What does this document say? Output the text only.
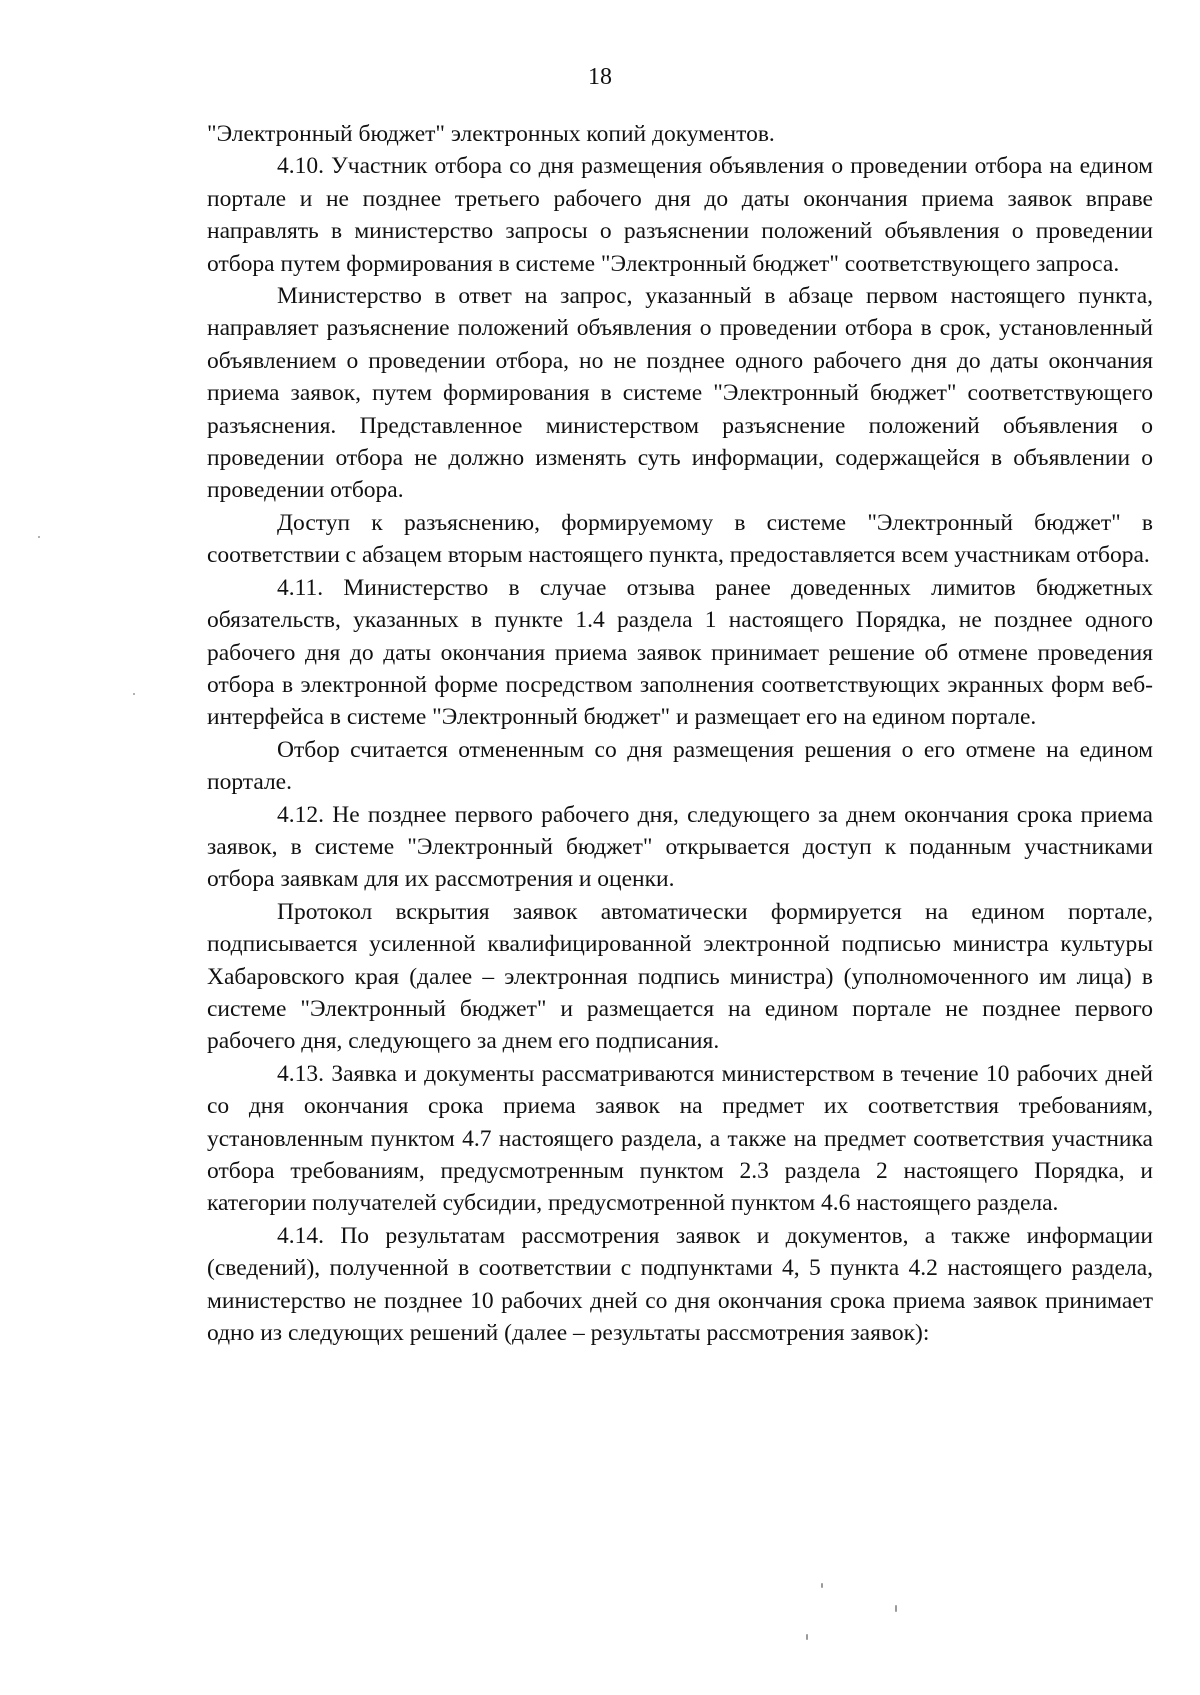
18

"Электронный бюджет" электронных копий документов.

4.10. Участник отбора со дня размещения объявления о проведении отбора на едином портале и не позднее третьего рабочего дня до даты окончания приема заявок вправе направлять в министерство запросы о разъяснении положений объявления о проведении отбора путем формирования в системе "Электронный бюджет" соответствующего запроса.

Министерство в ответ на запрос, указанный в абзаце первом настоящего пункта, направляет разъяснение положений объявления о проведении отбора в срок, установленный объявлением о проведении отбора, но не позднее одного рабочего дня до даты окончания приема заявок, путем формирования в системе "Электронный бюджет" соответствующего разъяснения. Представленное министерством разъяснение положений объявления о проведении отбора не должно изменять суть информации, содержащейся в объявлении о проведении отбора.

Доступ к разъяснению, формируемому в системе "Электронный бюджет" в соответствии с абзацем вторым настоящего пункта, предоставляется всем участникам отбора.

4.11. Министерство в случае отзыва ранее доведенных лимитов бюджетных обязательств, указанных в пункте 1.4 раздела 1 настоящего Порядка, не позднее одного рабочего дня до даты окончания приема заявок принимает решение об отмене проведения отбора в электронной форме посредством заполнения соответствующих экранных форм веб-интерфейса в системе "Электронный бюджет" и размещает его на едином портале.

Отбор считается отмененным со дня размещения решения о его отмене на едином портале.

4.12. Не позднее первого рабочего дня, следующего за днем окончания срока приема заявок, в системе "Электронный бюджет" открывается доступ к поданным участниками отбора заявкам для их рассмотрения и оценки.

Протокол вскрытия заявок автоматически формируется на едином портале, подписывается усиленной квалифицированной электронной подписью министра культуры Хабаровского края (далее – электронная подпись министра) (уполномоченного им лица) в системе "Электронный бюджет" и размещается на едином портале не позднее первого рабочего дня, следующего за днем его подписания.

4.13. Заявка и документы рассматриваются министерством в течение 10 рабочих дней со дня окончания срока приема заявок на предмет их соответствия требованиям, установленным пунктом 4.7 настоящего раздела, а также на предмет соответствия участника отбора требованиям, предусмотренным пунктом 2.3 раздела 2 настоящего Порядка, и категории получателей субсидии, предусмотренной пунктом 4.6 настоящего раздела.

4.14. По результатам рассмотрения заявок и документов, а также информации (сведений), полученной в соответствии с подпунктами 4, 5 пункта 4.2 настоящего раздела, министерство не позднее 10 рабочих дней со дня окончания срока приема заявок принимает одно из следующих решений (далее – результаты рассмотрения заявок):
